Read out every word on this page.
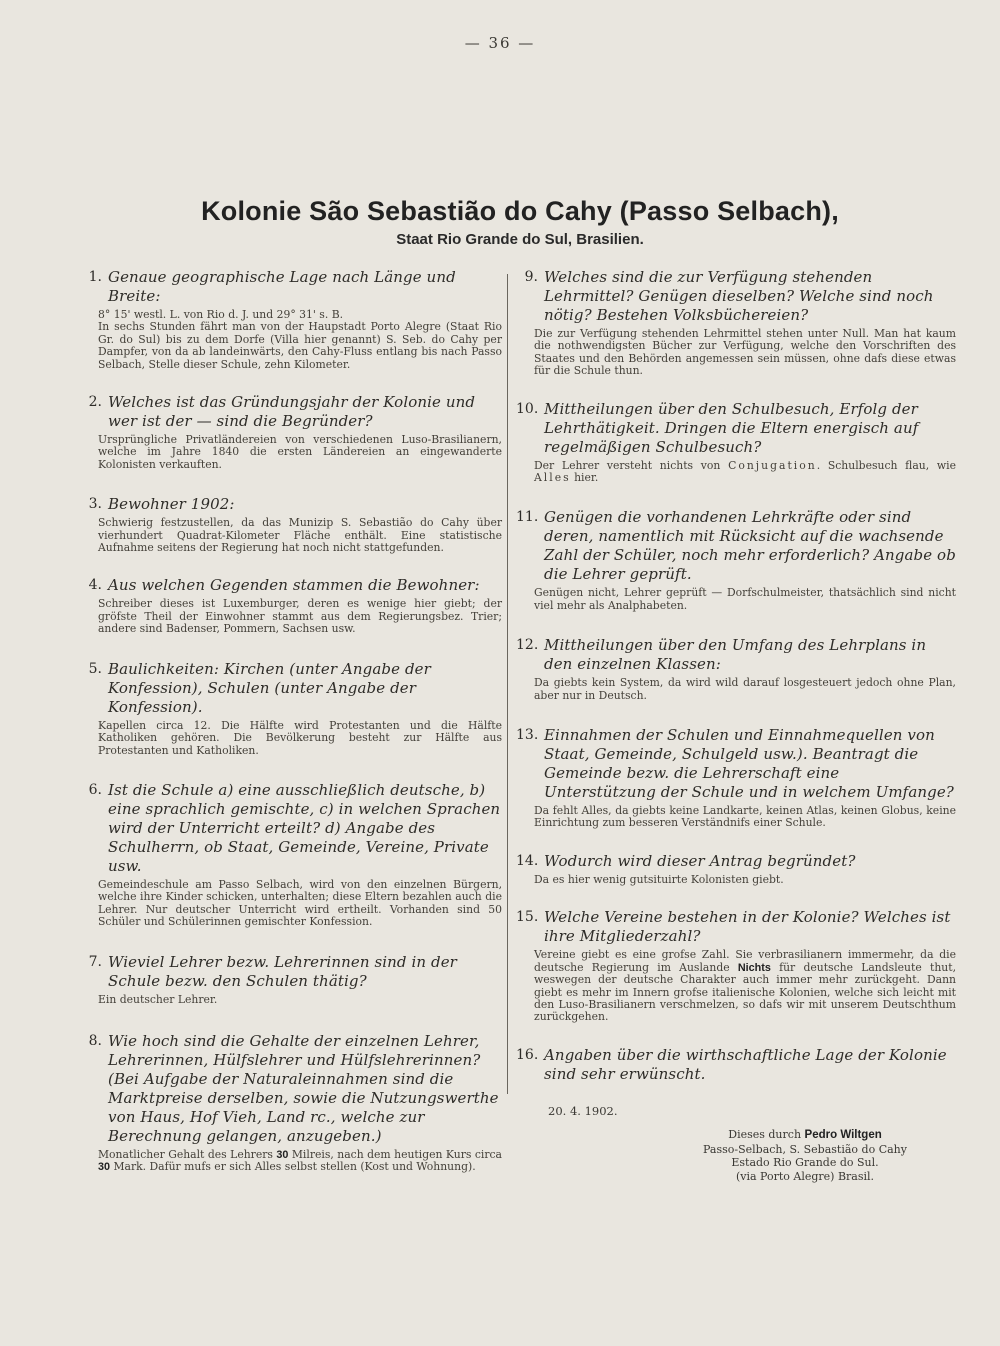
— 36 —
Kolonie São Sebastião do Cahy (Passo Selbach),
Staat Rio Grande do Sul, Brasilien.
1. Genaue geographische Lage nach Länge und Breite:
8° 15' westl. L. von Rio d. J. und 29° 31' s. B.
In sechs Stunden fährt man von der Haupstadt Porto Alegre (Staat Rio Gr. do Sul) bis zu dem Dorfe (Villa hier genannt) S. Seb. do Cahy per Dampfer, von da ab landeinwärts, den Cahy-Fluss entlang bis nach Passo Selbach, Stelle dieser Schule, zehn Kilometer.
2. Welches ist das Gründungsjahr der Kolonie und wer ist der — sind die Begründer?
Ursprüngliche Privatländereien von verschiedenen Luso-Brasilianern, welche im Jahre 1840 die ersten Ländereien an eingewanderte Kolonisten verkauften.
3. Bewohner 1902:
Schwierig festzustellen, da das Munizip S. Sebastião do Cahy über vierhundert Quadrat-Kilometer Fläche enthält. Eine statistische Aufnahme seitens der Regierung hat noch nicht stattgefunden.
4. Aus welchen Gegenden stammen die Bewohner:
Schreiber dieses ist Luxemburger, deren es wenige hier giebt; der gröfste Theil der Einwohner stammt aus dem Regierungsbez. Trier; andere sind Badenser, Pommern, Sachsen usw.
5. Baulichkeiten: Kirchen (unter Angabe der Konfession), Schulen (unter Angabe der Konfession).
Kapellen circa 12. Die Hälfte wird Protestanten und die Hälfte Katholiken gehören. Die Bevölkerung besteht zur Hälfte aus Protestanten und Katholiken.
6. Ist die Schule a) eine ausschließlich deutsche, b) eine sprachlich gemischte, c) in welchen Sprachen wird der Unterricht erteilt? d) Angabe des Schulherrn, ob Staat, Gemeinde, Vereine, Private usw.
Gemeindeschule am Passo Selbach, wird von den einzelnen Bürgern, welche ihre Kinder schicken, unterhalten; diese Eltern bezahlen auch die Lehrer. Nur deutscher Unterricht wird ertheilt. Vorhanden sind 50 Schüler und Schülerinnen gemischter Konfession.
7. Wieviel Lehrer bezw. Lehrerinnen sind in der Schule bezw. den Schulen thätig?
Ein deutscher Lehrer.
8. Wie hoch sind die Gehalte der einzelnen Lehrer, Lehrerinnen, Hülfslehrer und Hülfslehrerinnen? (Bei Aufgabe der Naturaleinnahmen sind die Marktpreise derselben, sowie die Nutzungswerthe von Haus, Hof Vieh, Land rc., welche zur Berechnung gelangen, anzugeben.)
Monatlicher Gehalt des Lehrers 30 Milreis, nach dem heutigen Kurs circa 30 Mark. Dafür mufs er sich Alles selbst stellen (Kost und Wohnung).
9. Welches sind die zur Verfügung stehenden Lehrmittel? Genügen dieselben? Welche sind noch nötig? Bestehen Volksbüchereien?
Die zur Verfügung stehenden Lehrmittel stehen unter Null. Man hat kaum die nothwendigsten Bücher zur Verfügung, welche den Vorschriften des Staates und den Behörden angemessen sein müssen, ohne dafs diese etwas für die Schule thun.
10. Mittheilungen über den Schulbesuch, Erfolg der Lehrthätigkeit. Dringen die Eltern energisch auf regelmäßigen Schulbesuch?
Der Lehrer versteht nichts von Conjugation. Schulbesuch flau, wie Alles hier.
11. Genügen die vorhandenen Lehrkräfte oder sind deren, namentlich mit Rücksicht auf die wachsende Zahl der Schüler, noch mehr erforderlich? Angabe ob die Lehrer geprüft.
Genügen nicht, Lehrer geprüft — Dorfschulmeister, thatsächlich sind nicht viel mehr als Analphabeten.
12. Mittheilungen über den Umfang des Lehrplans in den einzelnen Klassen:
Da giebts kein System, da wird wild darauf losgesteuert jedoch ohne Plan, aber nur in Deutsch.
13. Einnahmen der Schulen und Einnahmequellen von Staat, Gemeinde, Schulgeld usw.). Beantragt die Gemeinde bezw. die Lehrerschaft eine Unterstützung der Schule und in welchem Umfange?
Da fehlt Alles, da giebts keine Landkarte, keinen Atlas, keinen Globus, keine Einrichtung zum besseren Verständnifs einer Schule.
14. Wodurch wird dieser Antrag begründet?
Da es hier wenig gutsituirte Kolonisten giebt.
15. Welche Vereine bestehen in der Kolonie? Welches ist ihre Mitgliederzahl?
Vereine giebt es eine grofse Zahl. Sie verbrasilianern immermehr, da die deutsche Regierung im Auslande Nichts für deutsche Landsleute thut, weswegen der deutsche Charakter auch immer mehr zurückgeht. Dann giebt es mehr im Innern grofse italienische Kolonien, welche sich leicht mit den Luso-Brasilianern verschmelzen, so dafs wir mit unserem Deutschthum zurückgehen.
16. Angaben über die wirthschaftliche Lage der Kolonie sind sehr erwünscht.
20. 4. 1902.
Dieses durch Pedro Wiltgen
Passo-Selbach, S. Sebastião do Cahy
Estado Rio Grande do Sul.
(via Porto Alegre) Brasil.
